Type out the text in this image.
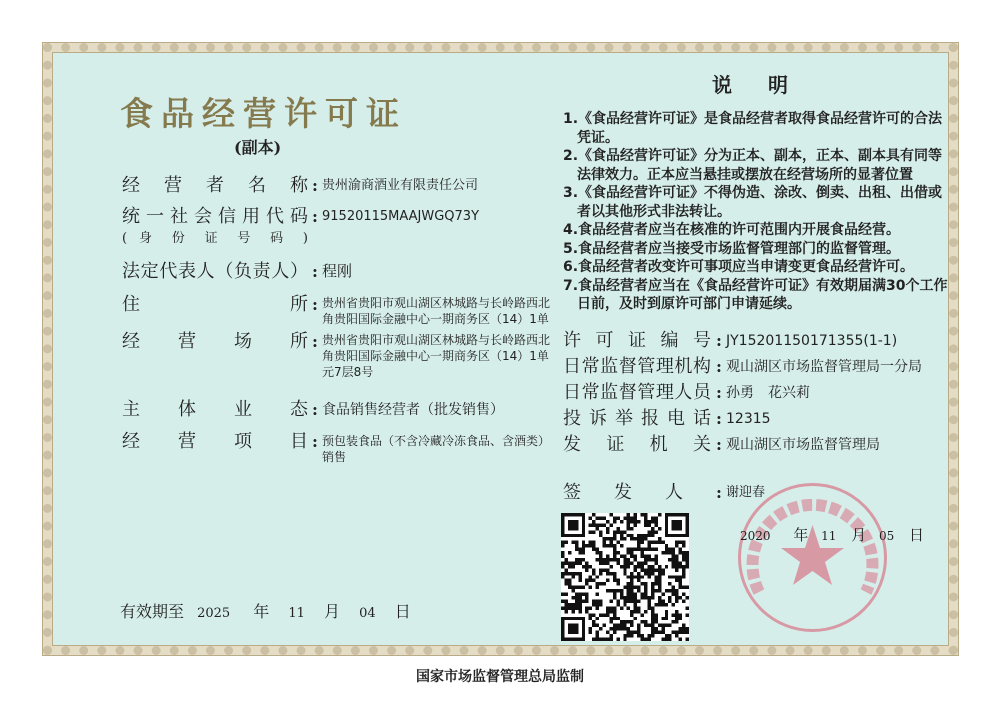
食品经营许可证
(副本)
经 营 者 名 称 : 贵州渝商酒业有限责任公司
统一社会信用代码
( 身 份 证 号 码 )
: 91520115MAAJWGQ73Y
法定代表人（负责人） : 程刚
住　　　所 : 贵州省贵阳市观山湖区林城路与长岭路西北角贵阳国际金融中心一期商务区（14）1单
经　营　场　所 : 贵州省贵阳市观山湖区林城路与长岭路西北角贵阳国际金融中心一期商务区（14）1单元7层8号
主　体　业　态 : 食品销售经营者（批发销售）
经　营　项　目 : 预包装食品（不含冷藏冷冻食品、含酒类）销售
有效期至 2025 年 11 月 04 日
说明
1.《食品经营许可证》是食品经营者取得食品经营许可的合法凭证。
2.《食品经营许可证》分为正本、副本，正本、副本具有同等法律效力。正本应当悬挂或摆放在经营场所的显著位置
3.《食品经营许可证》不得伪造、涂改、倒卖、出租、出借或者以其他形式非法转让。
4.食品经营者应当在核准的许可范围内开展食品经营。
5.食品经营者应当接受市场监督管理部门的监督管理。
6.食品经营者改变许可事项应当申请变更食品经营许可。
7.食品经营者应当在《食品经营许可证》有效期届满30个工作日前，及时到原许可部门申请延续。
许 可 证 编 号 : JY15201150171355(1-1)
日常监督管理机构 : 观山湖区市场监督管理局一分局
日常监督管理人员 : 孙勇　花兴莉
投 诉 举 报 电 话 : 12315
发　证　机　关 : 观山湖区市场监督管理局
签　发　人 : 谢迎春
2020 年 11 月 05 日
国家市场监督管理总局监制
